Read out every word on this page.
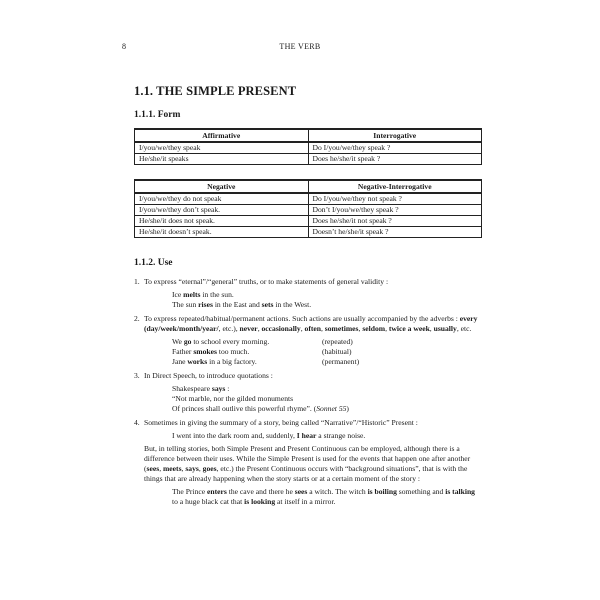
8	THE VERB
1.1. THE SIMPLE PRESENT
1.1.1. Form
Affirmative	Interrogative
I/you/we/they speak	Do I/you/we/they speak ?
He/she/it speaks	Does he/she/it speak ?
Negative	Negative-Interrogative
I/you/we/they do not speak	Do I/you/we/they not speak ?
I/you/we/they don’t speak.	Don’t I/you/we/they speak ?
He/she/it does not speak.	Does he/she/it not speak ?
He/she/it doesn’t speak.	Doesn’t he/she/it speak ?
1.1.2. Use
1. To express “eternal”/“general” truths, or to make statements of general validity :

Ice melts in the sun.
The sun rises in the East and sets in the West.
2. To express repeated/habitual/permanent actions. Such actions are usually accompanied by the adverbs : every (day/week/month/year/, etc.), never, occasionally, often, sometimes, seldom, twice a week, usually, etc.

We go to school every morning.	(repeated)
Father smokes too much.	(habitual)
Jane works in a big factory.	(permanent)
3. In Direct Speech, to introduce quotations :

Shakespeare says :
“Not marble, nor the gilded monuments
Of princes shall outlive this powerful rhyme”. (Sonnet 55)
4. Sometimes in giving the summary of a story, being called “Narrative”/“Historic” Present :

I went into the dark room and, suddenly, I hear a strange noise.

But, in telling stories, both Simple Present and Present Continuous can be employed, although there is a difference between their uses. While the Simple Present is used for the events that happen one after another (sees, meets, says, goes, etc.) the Present Continuous occurs with “background situations”, that is with the things that are already happening when the story starts or at a certain moment of the story :

The Prince enters the cave and there he sees a witch. The witch is boiling something and is talking to a huge black cat that is looking at itself in a mirror.
